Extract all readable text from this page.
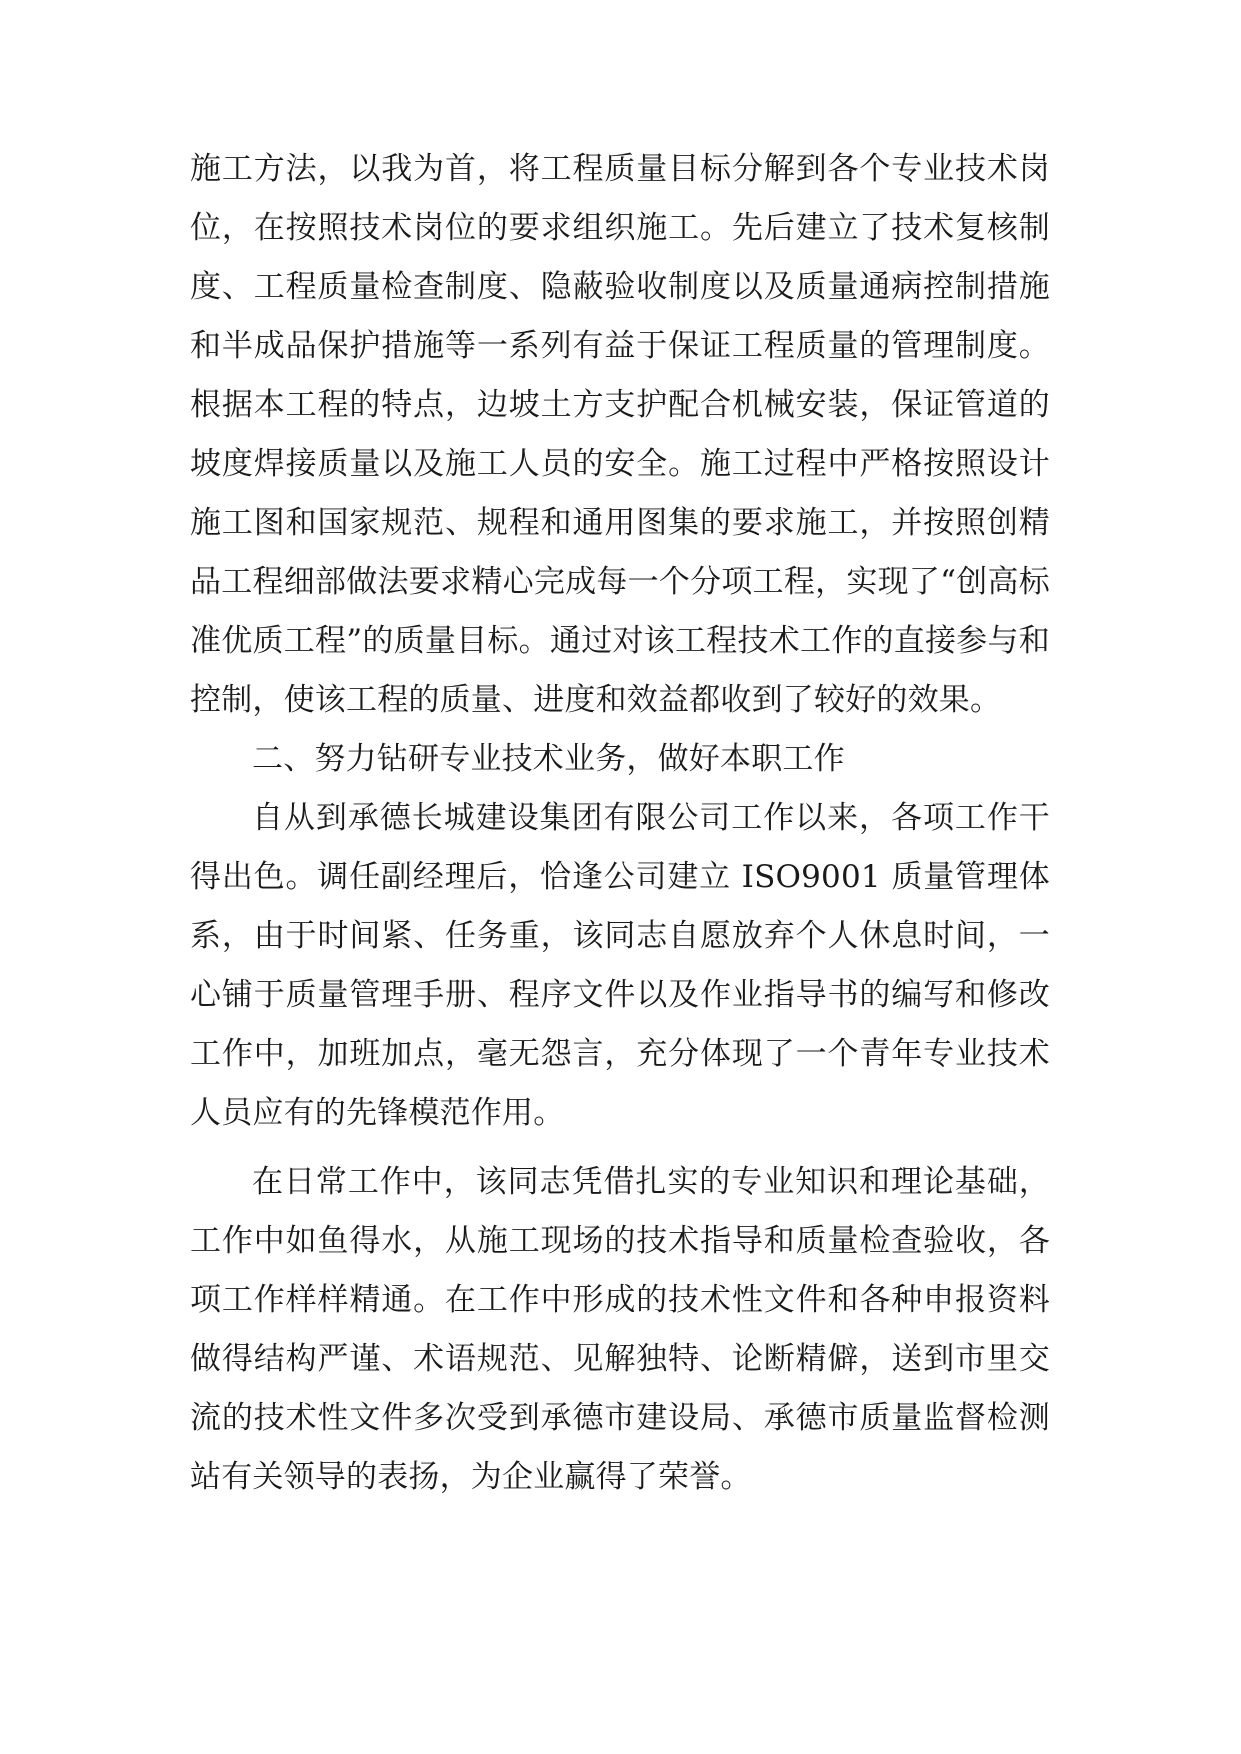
施工方法，以我为首，将工程质量目标分解到各个专业技术岗位，在按照技术岗位的要求组织施工。先后建立了技术复核制度、工程质量检查制度、隐蔽验收制度以及质量通病控制措施和半成品保护措施等一系列有益于保证工程质量的管理制度。根据本工程的特点，边坡土方支护配合机械安装，保证管道的坡度焊接质量以及施工人员的安全。施工过程中严格按照设计施工图和国家规范、规程和通用图集的要求施工，并按照创精品工程细部做法要求精心完成每一个分项工程，实现了“创高标准优质工程”的质量目标。通过对该工程技术工作的直接参与和控制，使该工程的质量、进度和效益都收到了较好的效果。

二、努力钻研专业技术业务，做好本职工作

自从到承德长城建设集团有限公司工作以来，各项工作干得出色。调任副经理后，恰逢公司建立 ISO9001 质量管理体系，由于时间紧、任务重，该同志自愿放弃个人休息时间，一心铺于质量管理手册、程序文件以及作业指导书的编写和修改工作中，加班加点，毫无怨言，充分体现了一个青年专业技术人员应有的先锋模范作用。

在日常工作中，该同志凭借扎实的专业知识和理论基础，工作中如鱼得水，从施工现场的技术指导和质量检查验收，各项工作样样精通。在工作中形成的技术性文件和各种申报资料做得结构严谨、术语规范、见解独特、论断精僻，送到市里交流的技术性文件多次受到承德市建设局、承德市质量监督检测站有关领导的表扬，为企业赢得了荣誉。
